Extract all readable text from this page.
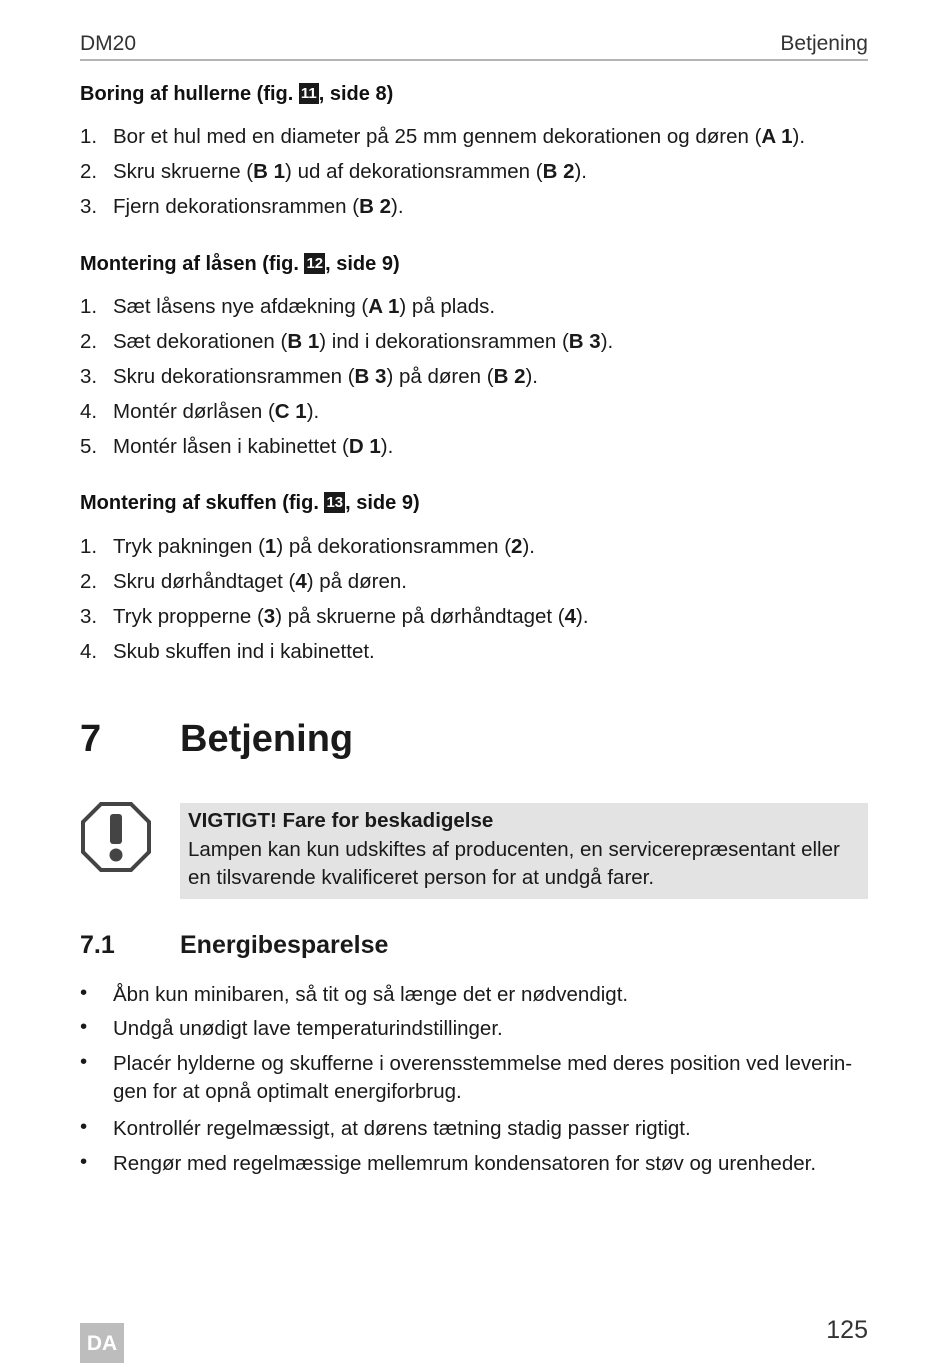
DM20	Betjening
Boring af hullerne (fig. 11 , side 8)
1. Bor et hul med en diameter på 25 mm gennem dekorationen og døren (A 1).
2. Skru skruerne (B 1) ud af dekorationsrammen (B 2).
3. Fjern dekorationsrammen (B 2).
Montering af låsen (fig. 12 , side 9)
1. Sæt låsens nye afdækning (A 1) på plads.
2. Sæt dekorationen (B 1) ind i dekorationsrammen (B 3).
3. Skru dekorationsrammen (B 3) på døren (B 2).
4. Montér dørlåsen (C 1).
5. Montér låsen i kabinettet (D 1).
Montering af skuffen (fig. 13 , side 9)
1. Tryk pakningen (1) på dekorationsrammen (2).
2. Skru dørhåndtaget (4) på døren.
3. Tryk propperne (3) på skruerne på dørhåndtaget (4).
4. Skub skuffen ind i kabinettet.
7 Betjening
VIGTIGT! Fare for beskadigelse
Lampen kan kun udskiftes af producenten, en servicerepræsentant eller en tilsvarende kvalificeret person for at undgå farer.
7.1	Energibesparelse
• Åbn kun minibaren, så tit og så længe det er nødvendigt.
• Undgå unødigt lave temperaturindstillinger.
• Placér hylderne og skufferne i overensstemmelse med deres position ved leverin-gen for at opnå optimalt energiforbrug.
• Kontrollér regelmæssigt, at dørens tætning stadig passer rigtigt.
• Rengør med regelmæssige mellemrum kondensatoren for støv og urenheder.
DA	125
